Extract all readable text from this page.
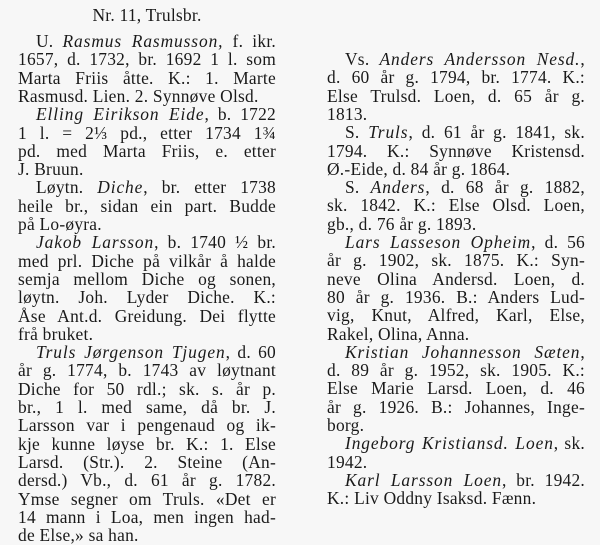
Nr. 11, Trulsbr.
U. Rasmus Rasmusson, f. ikr.
1657, d. 1732, br. 1692 1 l. som
Marta Friis åtte. K.: 1. Marte
Rasmusd. Lien. 2. Synnøve Olsd.
Elling Eirikson Eide, b. 1722
1 l. = 2⅓ pd., etter 1734 1¾
pd. med Marta Friis, e. etter
J. Bruun.
Løytn. Diche, br. etter 1738
heile br., sidan ein part. Budde
på Lo-øyra.
Jakob Larsson, b. 1740 ½ br.
med prl. Diche på vilkår å halde
semja mellom Diche og sonen,
løytn. Joh. Lyder Diche. K.:
Åse Ant.d. Greidung. Dei flytte
frå bruket.
Truls Jørgenson Tjugen, d. 60
år g. 1774, b. 1743 av løytnant
Diche for 50 rdl.; sk. s. år p.
br., 1 l. med same, då br. J.
Larsson var i pengenaud og ik-
kje kunne løyse br. K.: 1. Else
Larsd. (Str.). 2. Steine (An-
dersd.) Vb., d. 61 år g. 1782.
Ymse segner om Truls. «Det er
14 mann i Loa, men ingen had-
de Else,» sa han.
Vs. Anders Andersson Nesd.,
d. 60 år g. 1794, br. 1774. K.:
Else Trulsd. Loen, d. 65 år g.
1813.
S. Truls, d. 61 år g. 1841, sk.
1794. K.: Synnøve Kristensd.
Ø.-Eide, d. 84 år g. 1864.
S. Anders, d. 68 år g. 1882,
sk. 1842. K.: Else Olsd. Loen,
gb., d. 76 år g. 1893.
Lars Lasseson Opheim, d. 56
år g. 1902, sk. 1875. K.: Syn-
neve Olina Andersd. Loen, d.
80 år g. 1936. B.: Anders Lud-
vig, Knut, Alfred, Karl, Else,
Rakel, Olina, Anna.
Kristian Johannesson Sæten,
d. 89 år g. 1952, sk. 1905. K.:
Else Marie Larsd. Loen, d. 46
år g. 1926. B.: Johannes, Inge-
borg.
Ingeborg Kristiansd. Loen, sk.
1942.
Karl Larsson Loen, br. 1942.
K.: Liv Oddny Isaksd. Fænn.
